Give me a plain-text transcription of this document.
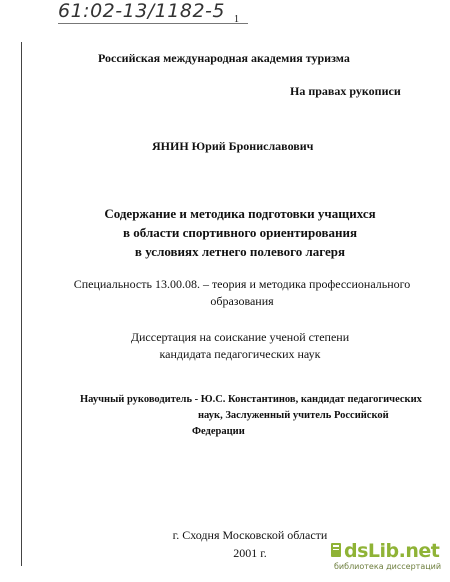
61:02-13/1182-5 1
Российская международная академия туризма
На правах рукописи
ЯНИН Юрий Брониславович
Содержание и методика подготовки учащихся
в области спортивного ориентирования
в условиях летнего полевого лагеря
Специальность 13.00.08. – теория и методика профессионального
образования
Диссертация на соискание ученой степени
кандидата педагогических наук
Научный руководитель - Ю.С. Константинов, кандидат педагогических
наук, Заслуженный учитель Российской
Федерации
г. Сходня Московской области
2001 г.	dsLib.net
библиотека диссертаций
